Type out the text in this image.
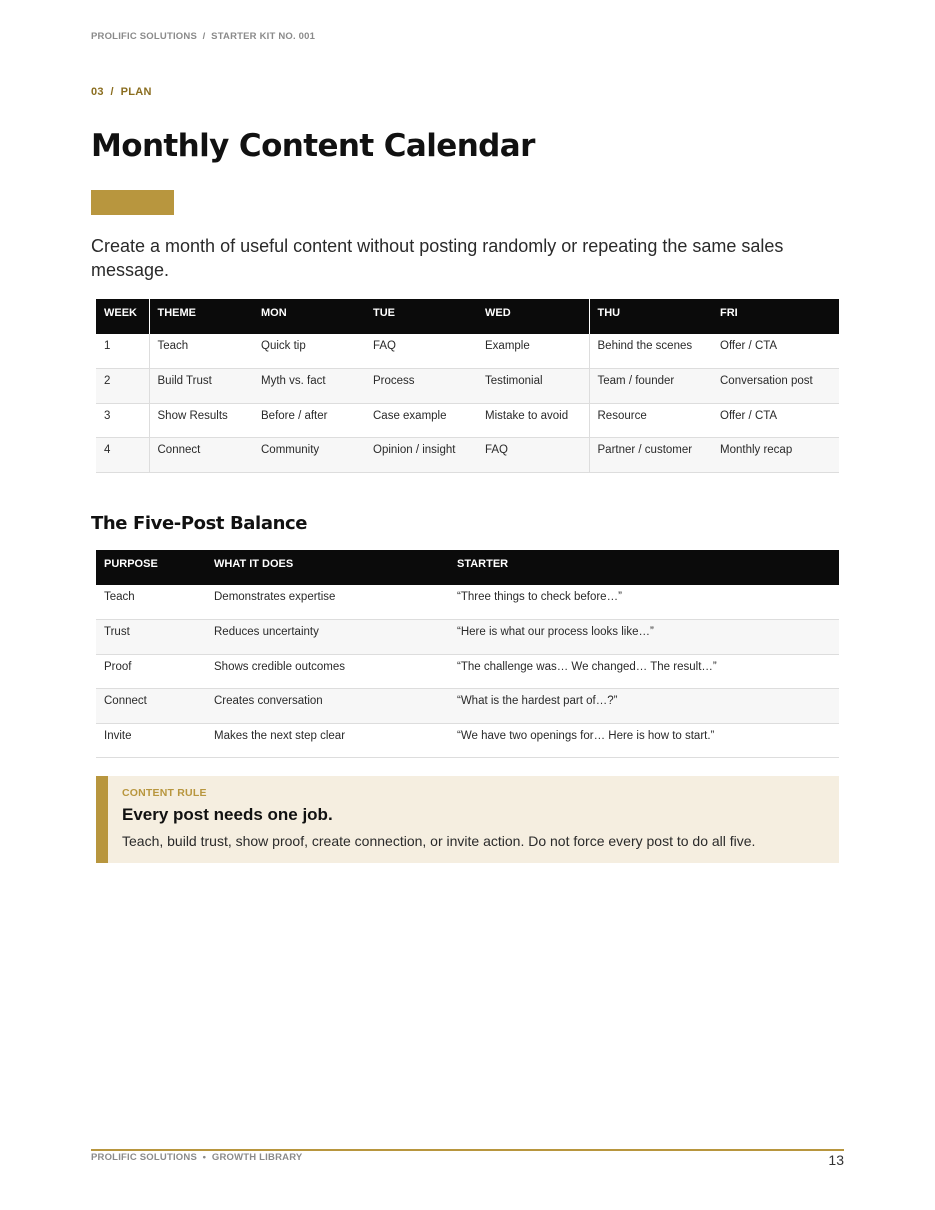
PROLIFIC SOLUTIONS  /  STARTER KIT NO. 001
03  /  PLAN
Monthly Content Calendar

Create a month of useful content without posting randomly or repeating the same sales message.

WEEK	THEME	MON	TUE	WED	THU	FRI
1	Teach	Quick tip	FAQ	Example	Behind the scenes	Offer / CTA
2	Build Trust	Myth vs. fact	Process	Testimonial	Team / founder	Conversation post
3	Show Results	Before / after	Case example	Mistake to avoid	Resource	Offer / CTA
4	Connect	Community	Opinion / insight	FAQ	Partner / customer	Monthly recap
The Five-Post Balance
PURPOSE	WHAT IT DOES	STARTER
Teach	Demonstrates expertise	“Three things to check before…”
Trust	Reduces uncertainty	“Here is what our process looks like…”
Proof	Shows credible outcomes	“The challenge was… We changed… The result…”
Connect	Creates conversation	“What is the hardest part of…?”
Invite	Makes the next step clear	“We have two openings for… Here is how to start.”
CONTENT RULE
Every post needs one job.

Teach, build trust, show proof, create connection, or invite action. Do not force every post to do all five.

PROLIFIC SOLUTIONS  •  GROWTH LIBRARY	13
